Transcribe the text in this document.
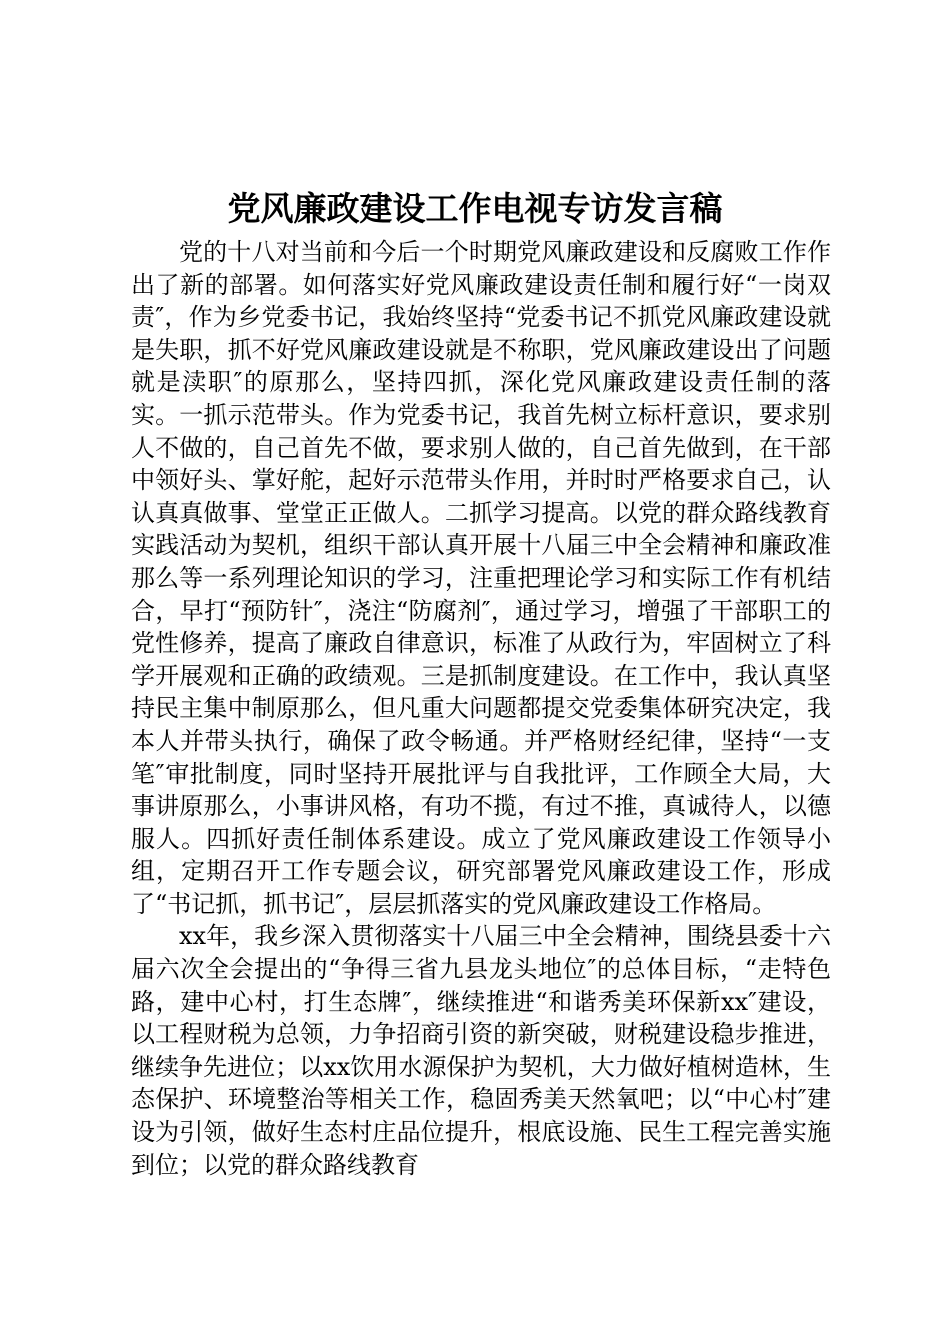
党风廉政建设工作电视专访发言稿

党的十八对当前和今后一个时期党风廉政建设和反腐败工作作出了新的部署。如何落实好党风廉政建设责任制和履行好“一岗双责″，作为乡党委书记，我始终坚持“党委书记不抓党风廉政建设就是失职，抓不好党风廉政建设就是不称职，党风廉政建设出了问题就是渎职″的原那么，坚持四抓，深化党风廉政建设责任制的落实。一抓示范带头。作为党委书记，我首先树立标杆意识，要求别人不做的，自己首先不做，要求别人做的，自己首先做到，在干部中领好头、掌好舵，起好示范带头作用，并时时严格要求自己，认认真真做事、堂堂正正做人。二抓学习提高。以党的群众路线教育实践活动为契机，组织干部认真开展十八届三中全会精神和廉政准那么等一系列理论知识的学习，注重把理论学习和实际工作有机结合，早打“预防针″，浇注“防腐剂″，通过学习，增强了干部职工的党性修养，提高了廉政自律意识，标准了从政行为，牢固树立了科学开展观和正确的政绩观。三是抓制度建设。在工作中，我认真坚持民主集中制原那么，但凡重大问题都提交党委集体研究决定，我本人并带头执行，确保了政令畅通。并严格财经纪律，坚持“一支笔″审批制度，同时坚持开展批评与自我批评，工作顾全大局，大事讲原那么，小事讲风格，有功不揽，有过不推，真诚待人，以德服人。四抓好责任制体系建设。成立了党风廉政建设工作领导小组，定期召开工作专题会议，研究部署党风廉政建设工作，形成了“书记抓，抓书记″，层层抓落实的党风廉政建设工作格局。

xx年，我乡深入贯彻落实十八届三中全会精神，围绕县委十六届六次全会提出的“争得三省九县龙头地位″的总体目标，“走特色路，建中心村，打生态牌″，继续推进“和谐秀美环保新xx″建设，以工程财税为总领，力争招商引资的新突破，财税建设稳步推进，继续争先进位；以xx饮用水源保护为契机，大力做好植树造林，生态保护、环境整治等相关工作，稳固秀美天然氧吧；以“中心村″建设为引领，做好生态村庄品位提升，根底设施、民生工程完善实施到位；以党的群众路线教育
